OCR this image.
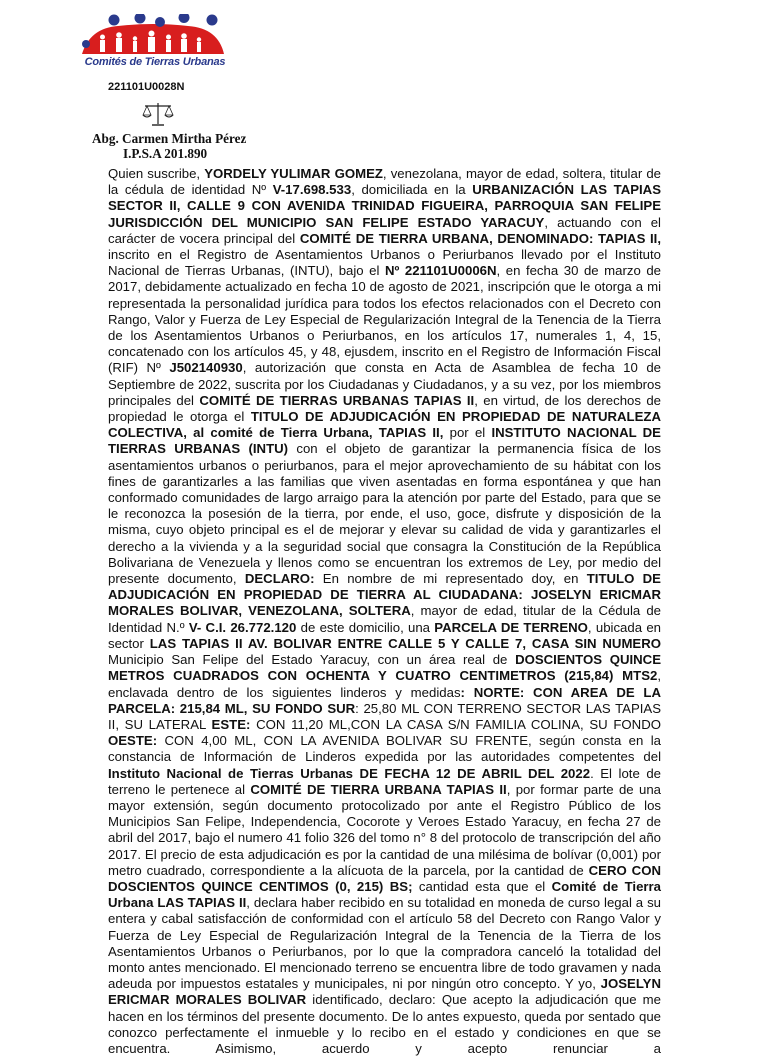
Comités de Tierras Urbanas
221101U0028N
Abg. Carmen Mirtha Pérez
I.P.S.A 201.890
Quien suscribe, YORDELY YULIMAR GOMEZ, venezolana, mayor de edad, soltera, titular de la cédula de identidad Nº V-17.698.533, domiciliada en la URBANIZACIÓN LAS TAPIAS SECTOR II, CALLE 9 CON AVENIDA TRINIDAD FIGUEIRA, PARROQUIA SAN FELIPE JURISDICCIÓN DEL MUNICIPIO SAN FELIPE ESTADO YARACUY, actuando con el carácter de vocera principal del COMITÉ DE TIERRA URBANA, DENOMINADO: TAPIAS II, inscrito en el Registro de Asentamientos Urbanos o Periurbanos llevado por el Instituto Nacional de Tierras Urbanas, (INTU), bajo el Nº 221101U0006N, en fecha 30 de marzo de 2017, debidamente actualizado en fecha 10 de agosto de 2021, inscripción que le otorga a mi representada la personalidad jurídica para todos los efectos relacionados con el Decreto con Rango, Valor y Fuerza de Ley Especial de Regularización Integral de la Tenencia de la Tierra de los Asentamientos Urbanos o Periurbanos, en los artículos 17, numerales 1, 4, 15, concatenado con los artículos 45, y 48, ejusdem, inscrito en el Registro de Información Fiscal (RIF) Nº J502140930, autorización que consta en Acta de Asamblea de fecha 10 de Septiembre de 2022, suscrita por los Ciudadanas y Ciudadanos, y a su vez, por los miembros principales del COMITÉ DE TIERRAS URBANAS TAPIAS II, en virtud, de los derechos de propiedad le otorga el TITULO DE ADJUDICACIÓN EN PROPIEDAD DE NATURALEZA COLECTIVA, al comité de Tierra Urbana, TAPIAS II, por el INSTITUTO NACIONAL DE TIERRAS URBANAS (INTU) con el objeto de garantizar la permanencia física de los asentamientos urbanos o periurbanos, para el mejor aprovechamiento de su hábitat con los fines de garantizarles a las familias que viven asentadas en forma espontánea y que han conformado comunidades de largo arraigo para la atención por parte del Estado, para que se le reconozca la posesión de la tierra, por ende, el uso, goce, disfrute y disposición de la misma, cuyo objeto principal es el de mejorar y elevar su calidad de vida y garantizarles el derecho a la vivienda y a la seguridad social que consagra la Constitución de la República Bolivariana de Venezuela y llenos como se encuentran los extremos de Ley, por medio del presente documento, DECLARO: En nombre de mi representado doy, en TITULO DE ADJUDICACIÓN EN PROPIEDAD DE TIERRA AL CIUDADANA: JOSELYN ERICMAR MORALES BOLIVAR, VENEZOLANA, SOLTERA, mayor de edad, titular de la Cédula de Identidad N.º V- C.I. 26.772.120 de este domicilio, una PARCELA DE TERRENO, ubicada en sector LAS TAPIAS II AV. BOLIVAR ENTRE CALLE 5 Y CALLE 7, CASA SIN NUMERO Municipio San Felipe del Estado Yaracuy, con un área real de DOSCIENTOS QUINCE METROS CUADRADOS CON OCHENTA Y CUATRO CENTIMETROS (215,84) MTS2, enclavada dentro de los siguientes linderos y medidas: NORTE: CON AREA DE LA PARCELA: 215,84 ML, SU FONDO SUR: 25,80 ML CON TERRENO SECTOR LAS TAPIAS II, SU LATERAL ESTE: CON 11,20 ML,CON LA CASA S/N FAMILIA COLINA, SU FONDO OESTE: CON 4,00 ML, CON LA AVENIDA BOLIVAR SU FRENTE, según consta en la constancia de Información de Linderos expedida por las autoridades competentes del Instituto Nacional de Tierras Urbanas DE FECHA 12 DE ABRIL DEL 2022. El lote de terreno le pertenece al COMITÉ DE TIERRA URBANA TAPIAS II, por formar parte de una mayor extensión, según documento protocolizado por ante el Registro Público de los Municipios San Felipe, Independencia, Cocorote y Veroes Estado Yaracuy, en fecha 27 de abril del 2017, bajo el numero 41 folio 326 del tomo n° 8 del protocolo de transcripción del año 2017. El precio de esta adjudicación es por la cantidad de una milésima de bolívar (0,001) por metro cuadrado, correspondiente a la alícuota de la parcela, por la cantidad de CERO CON DOSCIENTOS QUINCE CENTIMOS (0, 215) BS; cantidad esta que el Comité de Tierra Urbana LAS TAPIAS II, declara haber recibido en su totalidad en moneda de curso legal a su entera y cabal satisfacción de conformidad con el artículo 58 del Decreto con Rango Valor y Fuerza de Ley Especial de Regularización Integral de la Tenencia de la Tierra de los Asentamientos Urbanos o Periurbanos, por lo que la compradora canceló la totalidad del monto antes mencionado. El mencionado terreno se encuentra libre de todo gravamen y nada adeuda por impuestos estatales y municipales, ni por ningún otro concepto. Y yo, JOSELYN ERICMAR MORALES BOLIVAR identificado, declaro: Que acepto la adjudicación que me hacen en los términos del presente documento. De lo antes expuesto, queda por sentado que conozco perfectamente el inmueble y lo recibo en el estado y condiciones en que se encuentra. Asimismo, acuerdo y acepto renunciar a
